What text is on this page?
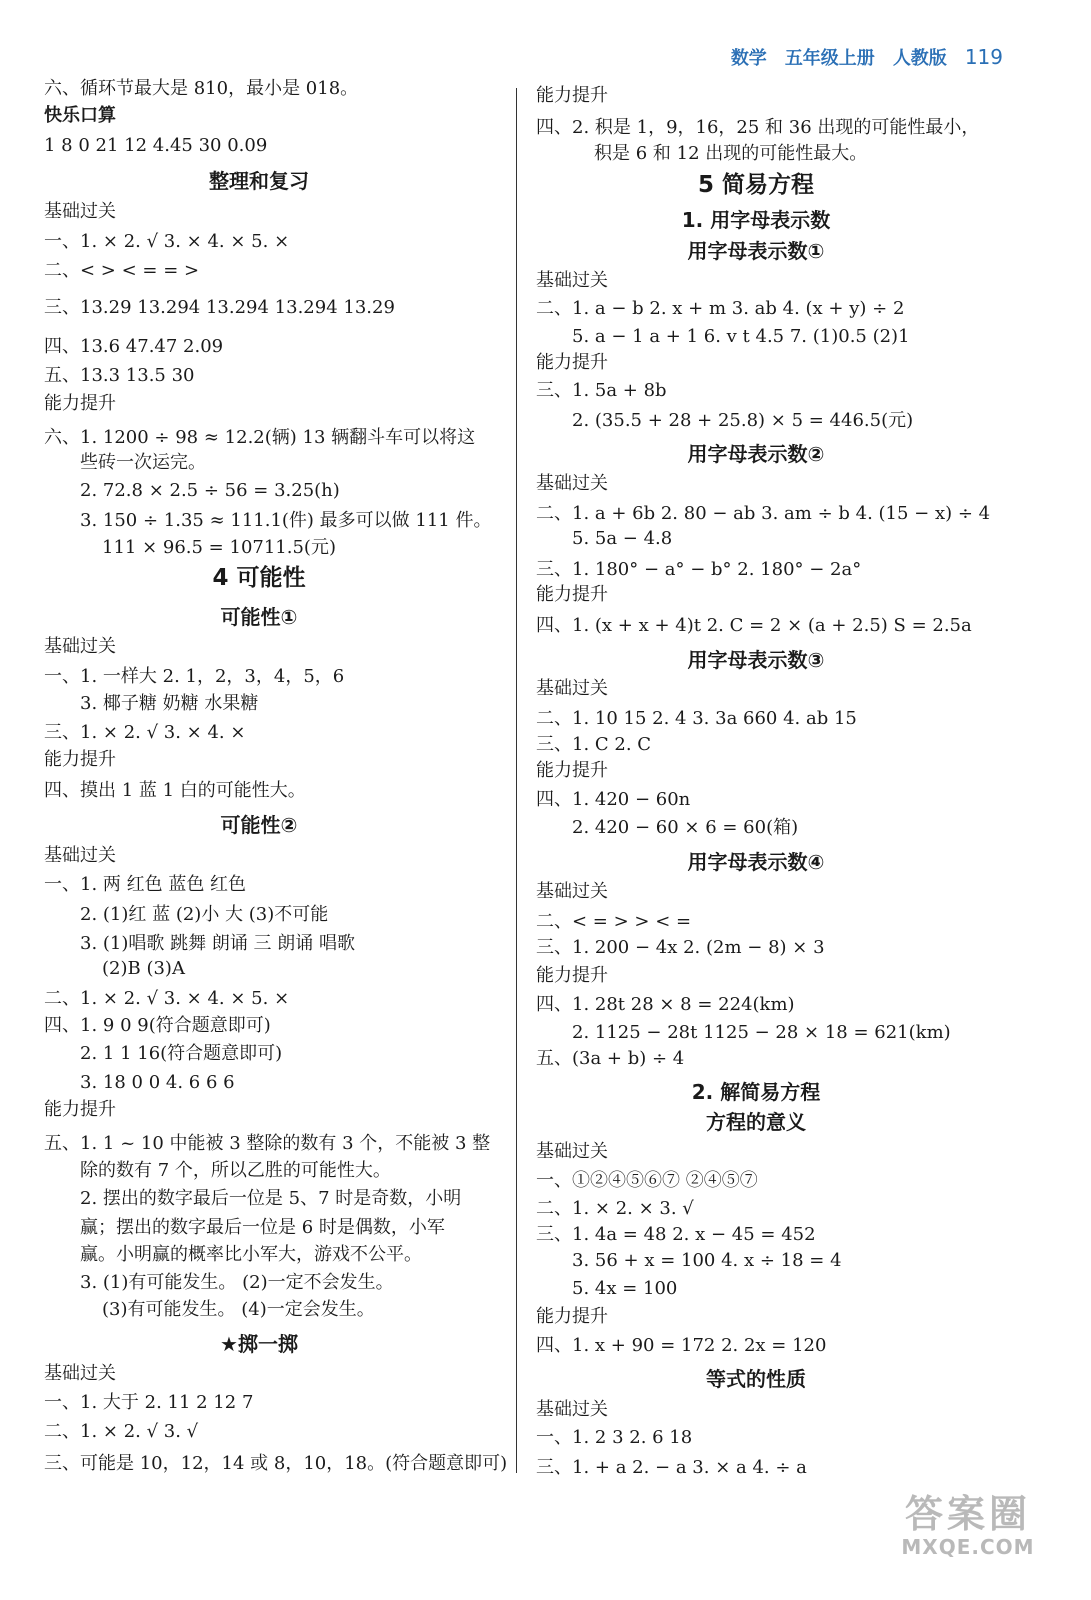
数学 五年级上册 人教版 119
六、循环节最大是 810，最小是 018。
快乐口算
1 8 0 21 12 4.45 30 0.09
整理和复习
基础过关
一、1. × 2. √ 3. × 4. × 5. ×
二、< > < = = >
三、13.29 13.294 13.294 13.294 13.29
四、13.6 47.47 2.09
五、13.3 13.5 30
能力提升
六、1. 1200 ÷ 98 ≈ 12.2(辆) 13 辆翻斗车可以将这
些砖一次运完。
2. 72.8 × 2.5 ÷ 56 = 3.25(h)
3. 150 ÷ 1.35 ≈ 111.1(件) 最多可以做 111 件。
111 × 96.5 = 10711.5(元)
4 可能性
可能性①
基础过关
一、1. 一样大 2. 1，2，3，4，5，6
3. 椰子糖 奶糖 水果糖
三、1. × 2. √ 3. × 4. ×
能力提升
四、摸出 1 蓝 1 白的可能性大。
可能性②
基础过关
一、1. 两 红色 蓝色 红色
2. (1)红 蓝 (2)小 大 (3)不可能
3. (1)唱歌 跳舞 朗诵 三 朗诵 唱歌
(2)B (3)A
二、1. × 2. √ 3. × 4. × 5. ×
四、1. 9 0 9(符合题意即可)
2. 1 1 16(符合题意即可)
3. 18 0 0 4. 6 6 6
能力提升
五、1. 1 ~ 10 中能被 3 整除的数有 3 个，不能被 3 整
除的数有 7 个，所以乙胜的可能性大。
2. 摆出的数字最后一位是 5、7 时是奇数，小明
赢；摆出的数字最后一位是 6 时是偶数，小军
赢。小明赢的概率比小军大，游戏不公平。
3. (1)有可能发生。 (2)一定不会发生。
(3)有可能发生。 (4)一定会发生。
★掷一掷
基础过关
一、1. 大于 2. 11 2 12 7
二、1. × 2. √ 3. √
三、可能是 10，12，14 或 8，10，18。(符合题意即可)
能力提升
四、2. 积是 1，9，16，25 和 36 出现的可能性最小，
积是 6 和 12 出现的可能性最大。
5 简易方程
1. 用字母表示数
用字母表示数①
基础过关
二、1. a − b 2. x + m 3. ab 4. (x + y) ÷ 2
5. a − 1 a + 1 6. v t 4.5 7. (1)0.5 (2)1
能力提升
三、1. 5a + 8b
2. (35.5 + 28 + 25.8) × 5 = 446.5(元)
用字母表示数②
基础过关
二、1. a + 6b 2. 80 − ab 3. am ÷ b 4. (15 − x) ÷ 4
5. 5a − 4.8
三、1. 180° − a° − b° 2. 180° − 2a°
能力提升
四、1. (x + x + 4)t 2. C = 2 × (a + 2.5) S = 2.5a
用字母表示数③
基础过关
二、1. 10 15 2. 4 3. 3a 660 4. ab 15
三、1. C 2. C
能力提升
四、1. 420 − 60n
2. 420 − 60 × 6 = 60(箱)
用字母表示数④
基础过关
二、< = > > < =
三、1. 200 − 4x 2. (2m − 8) × 3
能力提升
四、1. 28t 28 × 8 = 224(km)
2. 1125 − 28t 1125 − 28 × 18 = 621(km)
五、(3a + b) ÷ 4
2. 解简易方程
方程的意义
基础过关
一、①②④⑤⑥⑦ ②④⑤⑦
二、1. × 2. × 3. √
三、1. 4a = 48 2. x − 45 = 452
3. 56 + x = 100 4. x ÷ 18 = 4
5. 4x = 100
能力提升
四、1. x + 90 = 172 2. 2x = 120
等式的性质
基础过关
一、1. 2 3 2. 6 18
三、1. + a 2. − a 3. × a 4. ÷ a
答案圈
MXQE.COM
